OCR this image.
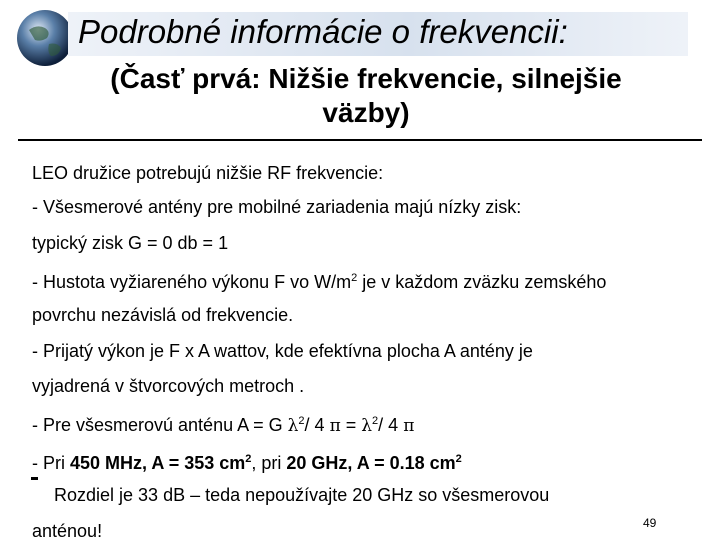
Podrobné informácie o frekvencii:
(Časť prvá: Nižšie frekvencie, silnejšie väzby)
LEO družice potrebujú nižšie RF frekvencie:
- Všesmerové antény pre mobilné zariadenia majú nízky zisk:
typický zisk G = 0 db = 1
- Hustota vyžiareného výkonu F vo $W/m^2$ je v každom zväzku zemského
povrchu nezávislá od frekvencie.
- Prijatý výkon je F x A wattov, kde efektívna plocha A antény je
vyjadrená v štvorcových metroch .
- Pre všesmerovú anténu A = G $\lambda^2/$ 4 $\pi = \lambda^2/$ 4 π
- Pri 450 MHz, A = 353 $cm^2$, pri 20 GHz, A = 0.18 $cm^2$
Rozdiel je 33 dB – teda nepoužívajte 20 GHz so všesmerovou
anténou!	49
